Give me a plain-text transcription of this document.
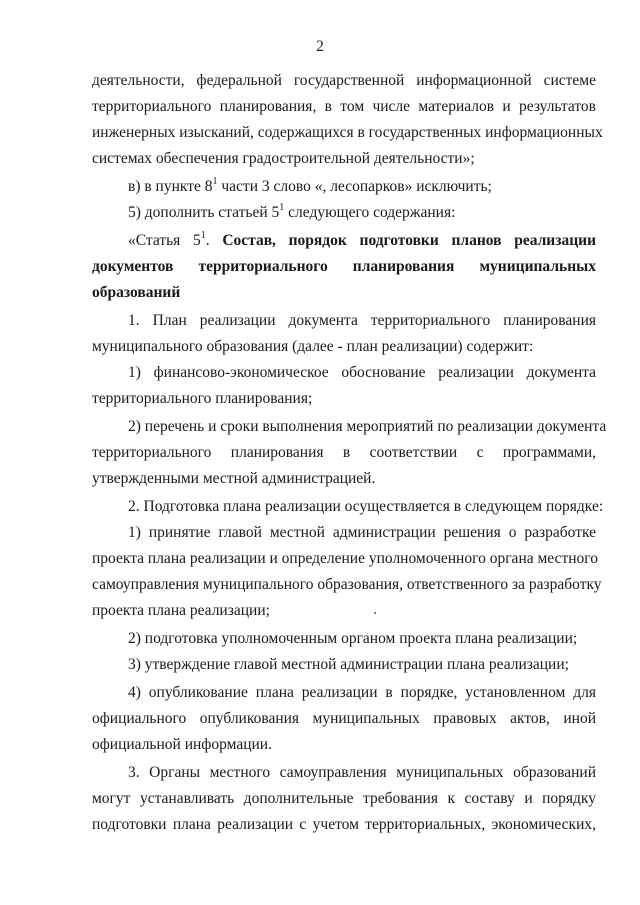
2
деятельности, федеральной государственной информационной системе
территориального планирования, в том числе материалов и результатов
инженерных изысканий, содержащихся в государственных информационных
системах обеспечения градостроительной деятельности»;
в) в пункте $8^1$ части 3 слово «, лесопарков» исключить;
5) дополнить статьей $5^1$ следующего содержания:
«Статья $5^1$. Состав, порядок подготовки планов реализации
документов территориального планирования муниципальных
образований
1. План реализации документа территориального планирования
муниципального образования (далее - план реализации) содержит:
1) финансово-экономическое обоснование реализации документа
территориального планирования;
2) перечень и сроки выполнения мероприятий по реализации документа
территориального планирования в соответствии с программами,
утвержденными местной администрацией.
2. Подготовка плана реализации осуществляется в следующем порядке:
1) принятие главой местной администрации решения о разработке
проекта плана реализации и определение уполномоченного органа местного
самоуправления муниципального образования, ответственного за разработку
проекта плана реализации;
2) подготовка уполномоченным органом проекта плана реализации;
3) утверждение главой местной администрации плана реализации;
4) опубликование плана реализации в порядке, установленном для
официального опубликования муниципальных правовых актов, иной
официальной информации.
3. Органы местного самоуправления муниципальных образований
могут устанавливать дополнительные требования к составу и порядку
подготовки плана реализации с учетом территориальных, экономических,
